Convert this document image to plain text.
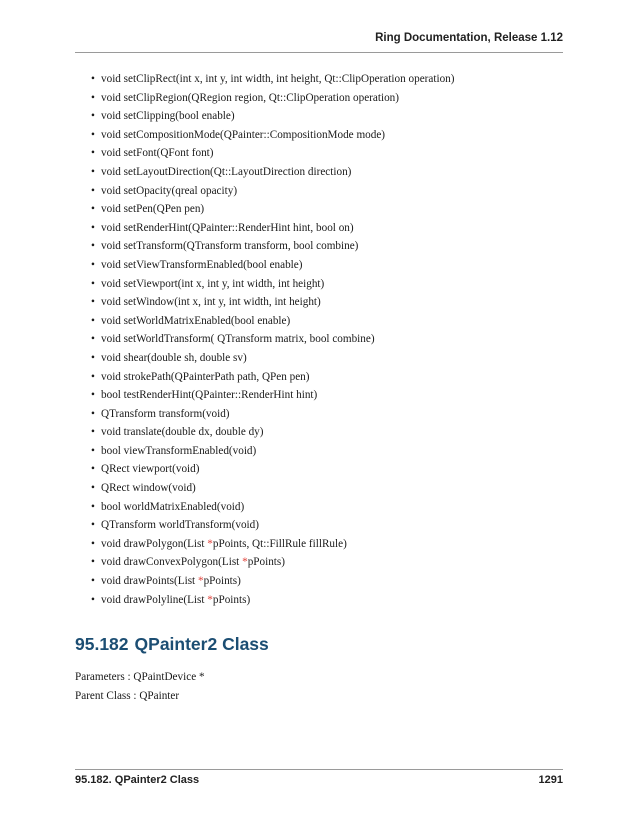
Ring Documentation, Release 1.12
• void setClipRect(int x, int y, int width, int height, Qt::ClipOperation operation)
• void setClipRegion(QRegion region, Qt::ClipOperation operation)
• void setClipping(bool enable)
• void setCompositionMode(QPainter::CompositionMode mode)
• void setFont(QFont font)
• void setLayoutDirection(Qt::LayoutDirection direction)
• void setOpacity(qreal opacity)
• void setPen(QPen pen)
• void setRenderHint(QPainter::RenderHint hint, bool on)
• void setTransform(QTransform transform, bool combine)
• void setViewTransformEnabled(bool enable)
• void setViewport(int x, int y, int width, int height)
• void setWindow(int x, int y, int width, int height)
• void setWorldMatrixEnabled(bool enable)
• void setWorldTransform( QTransform matrix, bool combine)
• void shear(double sh, double sv)
• void strokePath(QPainterPath path, QPen pen)
• bool testRenderHint(QPainter::RenderHint hint)
• QTransform transform(void)
• void translate(double dx, double dy)
• bool viewTransformEnabled(void)
• QRect viewport(void)
• QRect window(void)
• bool worldMatrixEnabled(void)
• QTransform worldTransform(void)
• void drawPolygon(List *pPoints, Qt::FillRule fillRule)
• void drawConvexPolygon(List *pPoints)
• void drawPoints(List *pPoints)
• void drawPolyline(List *pPoints)
95.182 QPainter2 Class

Parameters : QPaintDevice *

Parent Class : QPainter

95.182. QPainter2 Class	1291
